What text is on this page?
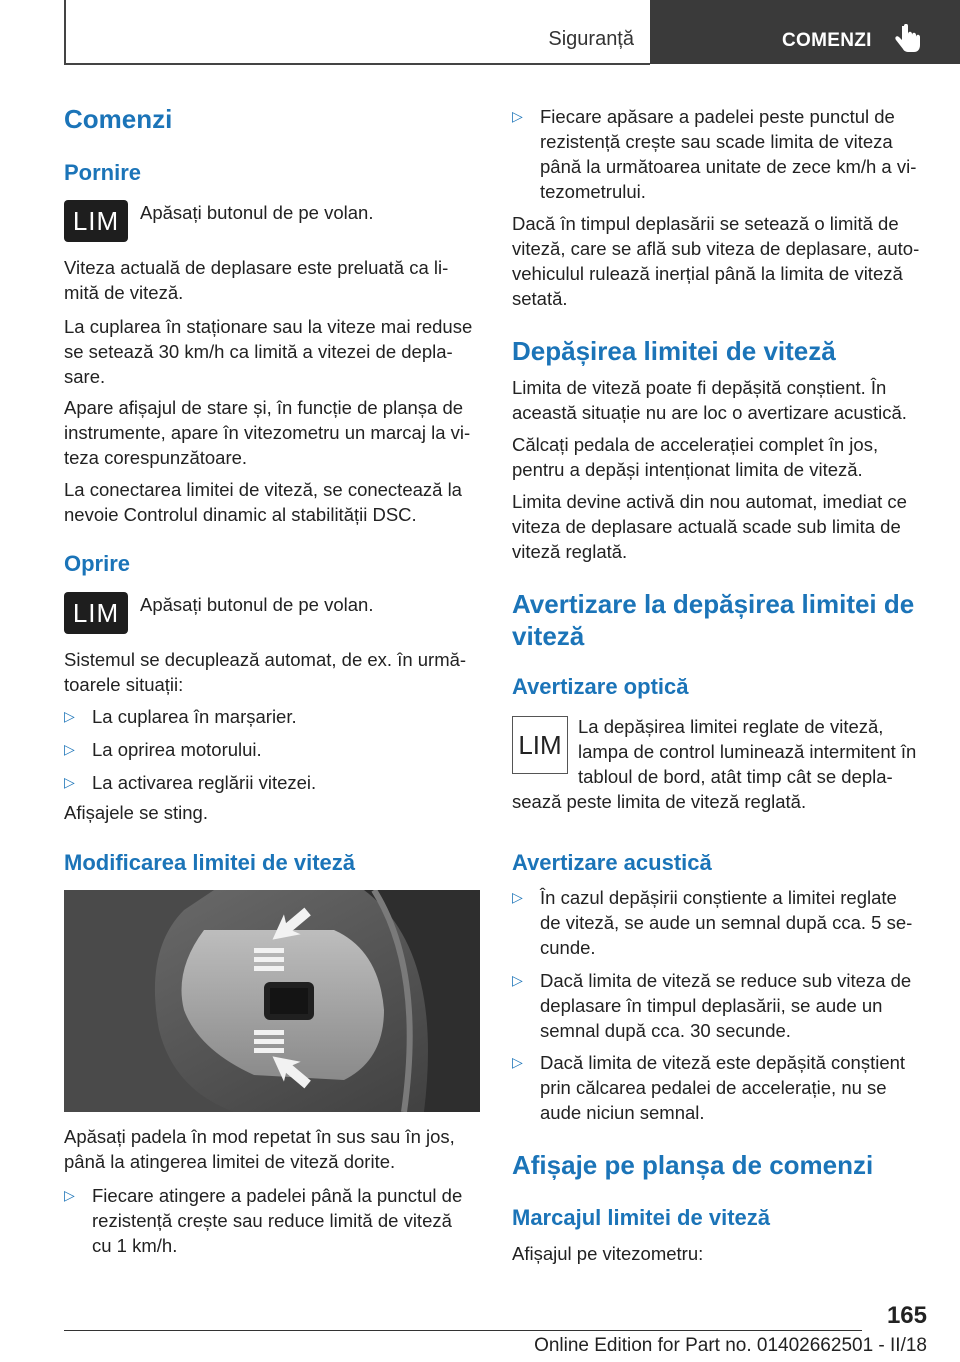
Siguranță	COMENZI
Comenzi
Pornire
LIM	Apăsați butonul de pe volan.

Viteza actuală de deplasare este preluată ca li-
mită de viteză.

La cuplarea în staționare sau la viteze mai reduse
se setează 30 km/h ca limită a vitezei de depla-
sare.

Apare afișajul de stare și, în funcție de planșa de
instrumente, apare în vitezometru un marcaj la vi-
teza corespunzătoare.

La conectarea limitei de viteză, se conectează la
nevoie Controlul dinamic al stabilității DSC.

Oprire
LIM	Apăsați butonul de pe volan.

Sistemul se decuplează automat, de ex. în urmă-
toarele situații:

▷ La cuplarea în marșarier.
▷ La oprirea motorului.
▷ La activarea reglării vitezei.

Afișajele se sting.

Modificarea limitei de viteză

Apăsați padela în mod repetat în sus sau în jos,
până la atingerea limitei de viteză dorite.

▷ Fiecare atingere a padelei până la punctul de
rezistență crește sau reduce limită de viteză
cu 1 km/h.
▷ Fiecare apăsare a padelei peste punctul de
rezistență crește sau scade limita de viteza
până la următoarea unitate de zece km/h a vi-
tezometrului.

Dacă în timpul deplasării se setează o limită de
viteză, care se află sub viteza de deplasare, auto-
vehiculul rulează inerțial până la limita de viteză
setată.

Depășirea limitei de viteză

Limita de viteză poate fi depășită conștient. În
această situație nu are loc o avertizare acustică.

Călcați pedala de accelerației complet în jos,
pentru a depăși intenționat limita de viteză.

Limita devine activă din nou automat, imediat ce
viteza de deplasare actuală scade sub limita de
viteză reglată.

Avertizare la depășirea limitei de
viteză
Avertizare optică
LIM

La depășirea limitei reglate de viteză,
lampa de control luminează intermitent în
tabloul de bord, atât timp cât se depla-

sează peste limita de viteză reglată.

Avertizare acustică
▷ În cazul depășirii conștiente a limitei reglate
de viteză, se aude un semnal după cca. 5 se-
cunde.
▷ Dacă limita de viteză se reduce sub viteza de
deplasare în timpul deplasării, se aude un
semnal după cca. 30 secunde.
▷ Dacă limita de viteză este depășită conștient
prin călcarea pedalei de accelerație, nu se
aude niciun semnal.
Afișaje pe planșa de comenzi
Marcajul limitei de viteză

Afișajul pe vitezometru:

165
Online Edition for Part no. 01402662501 - II/18
